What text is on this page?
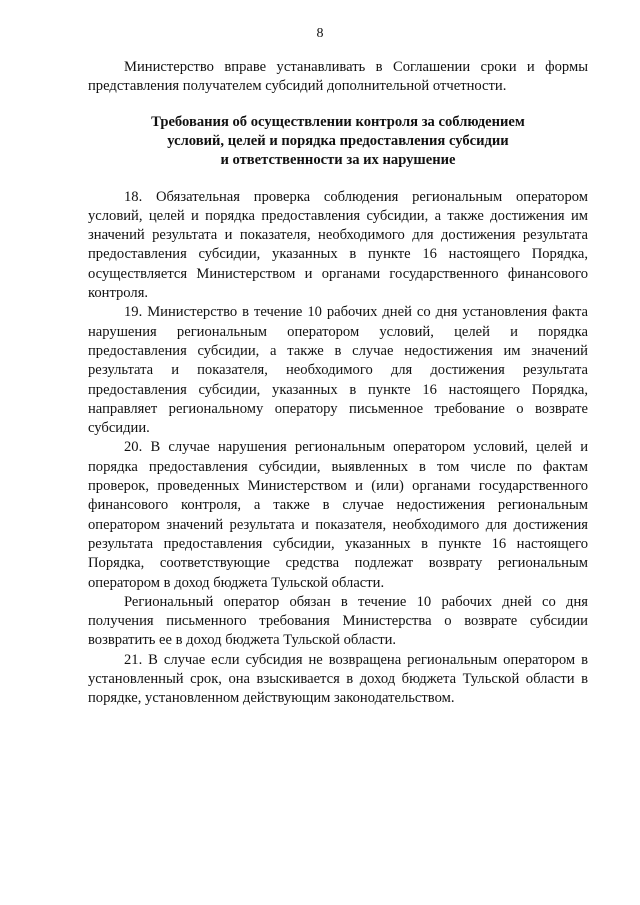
8

Министерство вправе устанавливать в Соглашении сроки и формы представления получателем субсидий дополнительной отчетности.

Требования об осуществлении контроля за соблюдением
условий, целей и порядка предоставления субсидии
и ответственности за их нарушение

18. Обязательная проверка соблюдения региональным оператором условий, целей и порядка предоставления субсидии, а также достижения им значений результата и показателя, необходимого для достижения результата предоставления субсидии, указанных в пункте 16 настоящего Порядка, осуществляется Министерством и органами государственного финансового контроля.

19. Министерство в течение 10 рабочих дней со дня установления факта нарушения региональным оператором условий, целей и порядка предоставления субсидии, а также в случае недостижения им значений результата и показателя, необходимого для достижения результата предоставления субсидии, указанных в пункте 16 настоящего Порядка, направляет региональному оператору письменное требование о возврате субсидии.

20. В случае нарушения региональным оператором условий, целей и порядка предоставления субсидии, выявленных в том числе по фактам проверок, проведенных Министерством и (или) органами государственного финансового контроля, а также в случае недостижения региональным оператором значений результата и показателя, необходимого для достижения результата предоставления субсидии, указанных в пункте 16 настоящего Порядка, соответствующие средства подлежат возврату региональным оператором в доход бюджета Тульской области.

Региональный оператор обязан в течение 10 рабочих дней со дня получения письменного требования Министерства о возврате субсидии возвратить ее в доход бюджета Тульской области.

21. В случае если субсидия не возвращена региональным оператором в установленный срок, она взыскивается в доход бюджета Тульской области в порядке, установленном действующим законодательством.
